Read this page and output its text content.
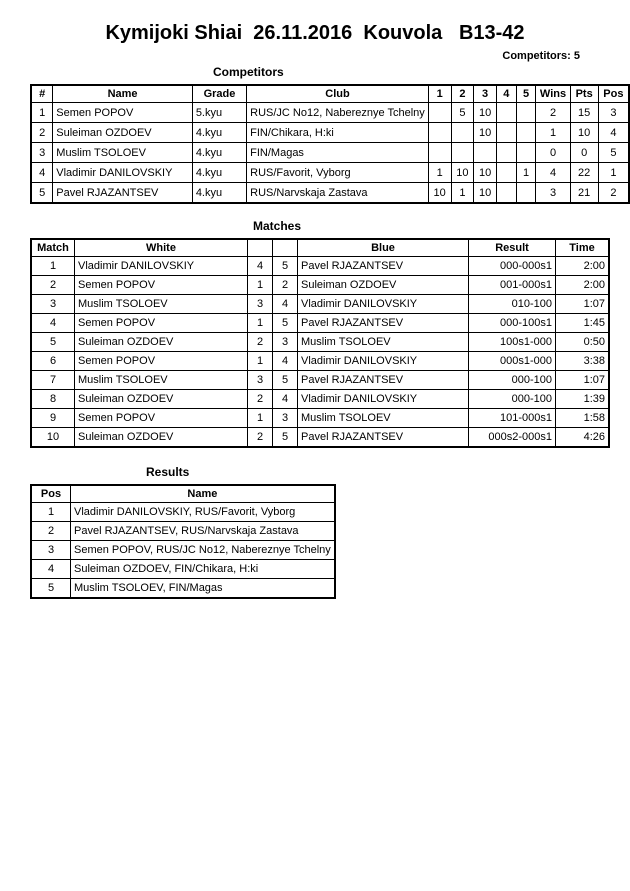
Kymijoki Shiai  26.11.2016  Kouvola   B13-42
Competitors: 5
Competitors
#	Name	Grade	Club	1	2	3	4	5	Wins	Pts	Pos
1	Semen POPOV	5.kyu	RUS/JC No12, Nabereznye Tchelny		5	10			2	15	3
2	Suleiman OZDOEV	4.kyu	FIN/Chikara, H:ki			10			1	10	4
3	Muslim TSOLOEV	4.kyu	FIN/Magas						0	0	5
4	Vladimir DANILOVSKIY	4.kyu	RUS/Favorit, Vyborg	1	10	10		1	4	22	1
5	Pavel RJAZANTSEV	4.kyu	RUS/Narvskaja Zastava	10	1	10			3	21	2
Matches
Match	White			Blue	Result	Time
1	Vladimir DANILOVSKIY	4	5	Pavel RJAZANTSEV	000-000s1	2:00
2	Semen POPOV	1	2	Suleiman OZDOEV	001-000s1	2:00
3	Muslim TSOLOEV	3	4	Vladimir DANILOVSKIY	010-100	1:07
4	Semen POPOV	1	5	Pavel RJAZANTSEV	000-100s1	1:45
5	Suleiman OZDOEV	2	3	Muslim TSOLOEV	100s1-000	0:50
6	Semen POPOV	1	4	Vladimir DANILOVSKIY	000s1-000	3:38
7	Muslim TSOLOEV	3	5	Pavel RJAZANTSEV	000-100	1:07
8	Suleiman OZDOEV	2	4	Vladimir DANILOVSKIY	000-100	1:39
9	Semen POPOV	1	3	Muslim TSOLOEV	101-000s1	1:58
10	Suleiman OZDOEV	2	5	Pavel RJAZANTSEV	000s2-000s1	4:26
Results
Pos	Name
1	Vladimir DANILOVSKIY, RUS/Favorit, Vyborg
2	Pavel RJAZANTSEV, RUS/Narvskaja Zastava
3	Semen POPOV, RUS/JC No12, Nabereznye Tchelny
4	Suleiman OZDOEV, FIN/Chikara, H:ki
5	Muslim TSOLOEV, FIN/Magas
